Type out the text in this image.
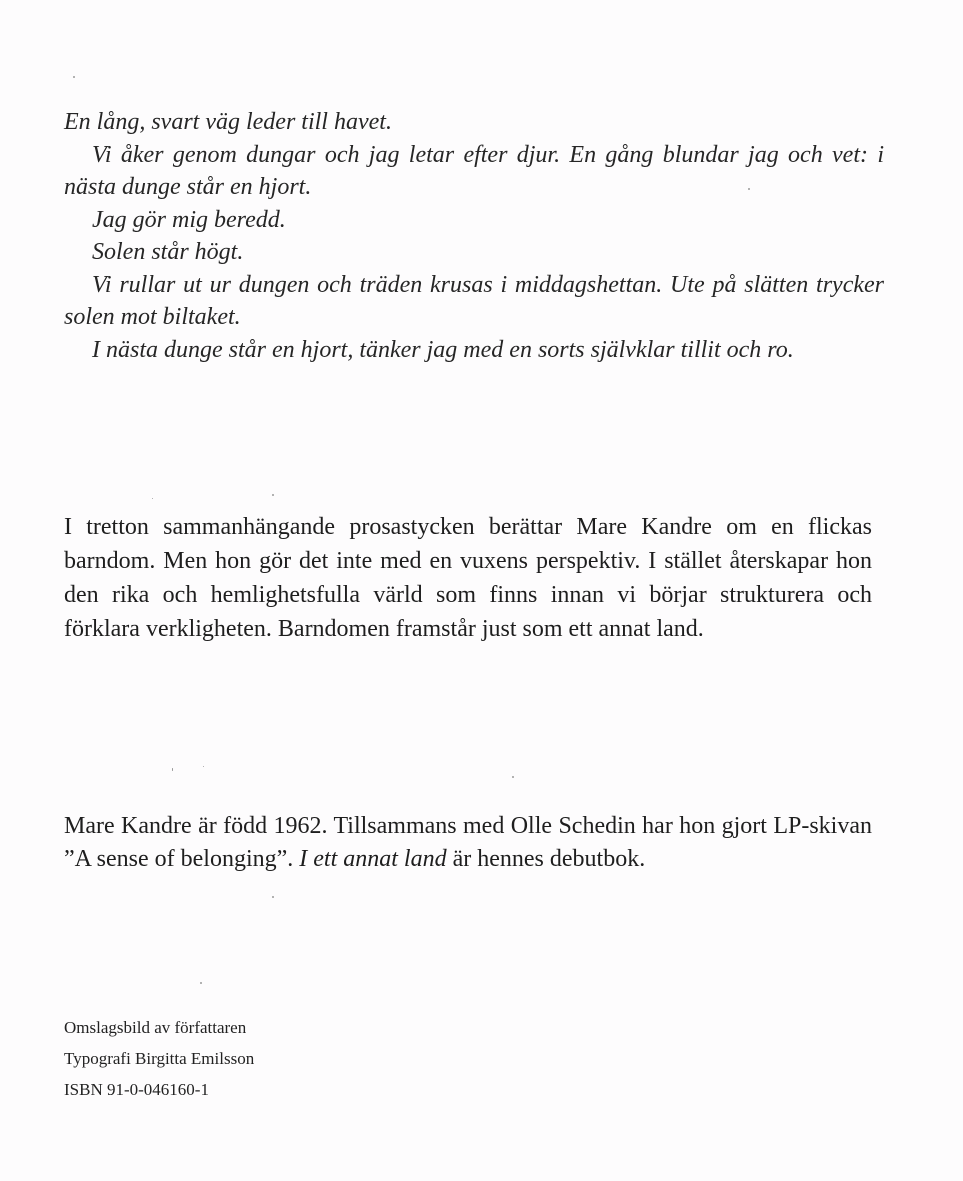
En lång, svart väg leder till havet.

Vi åker genom dungar och jag letar efter djur. En gång blundar jag och vet: i nästa dunge står en hjort.

Jag gör mig beredd.

Solen står högt.

Vi rullar ut ur dungen och träden krusas i middagshettan. Ute på slätten trycker solen mot biltaket.

I nästa dunge står en hjort, tänker jag med en sorts självklar tillit och ro.

I tretton sammanhängande prosastycken berättar Mare Kandre om en flickas barndom. Men hon gör det inte med en vuxens perspektiv. I stället återskapar hon den rika och hemlighetsfulla värld som finns innan vi börjar strukturera och förklara verkligheten. Barndomen framstår just som ett annat land.

Mare Kandre är född 1962. Tillsammans med Olle Schedin har hon gjort LP-skivan ”A sense of belonging”. I ett annat land är hennes debutbok.

Omslagsbild av författaren
Typografi Birgitta Emilsson
ISBN 91-0-046160-1
